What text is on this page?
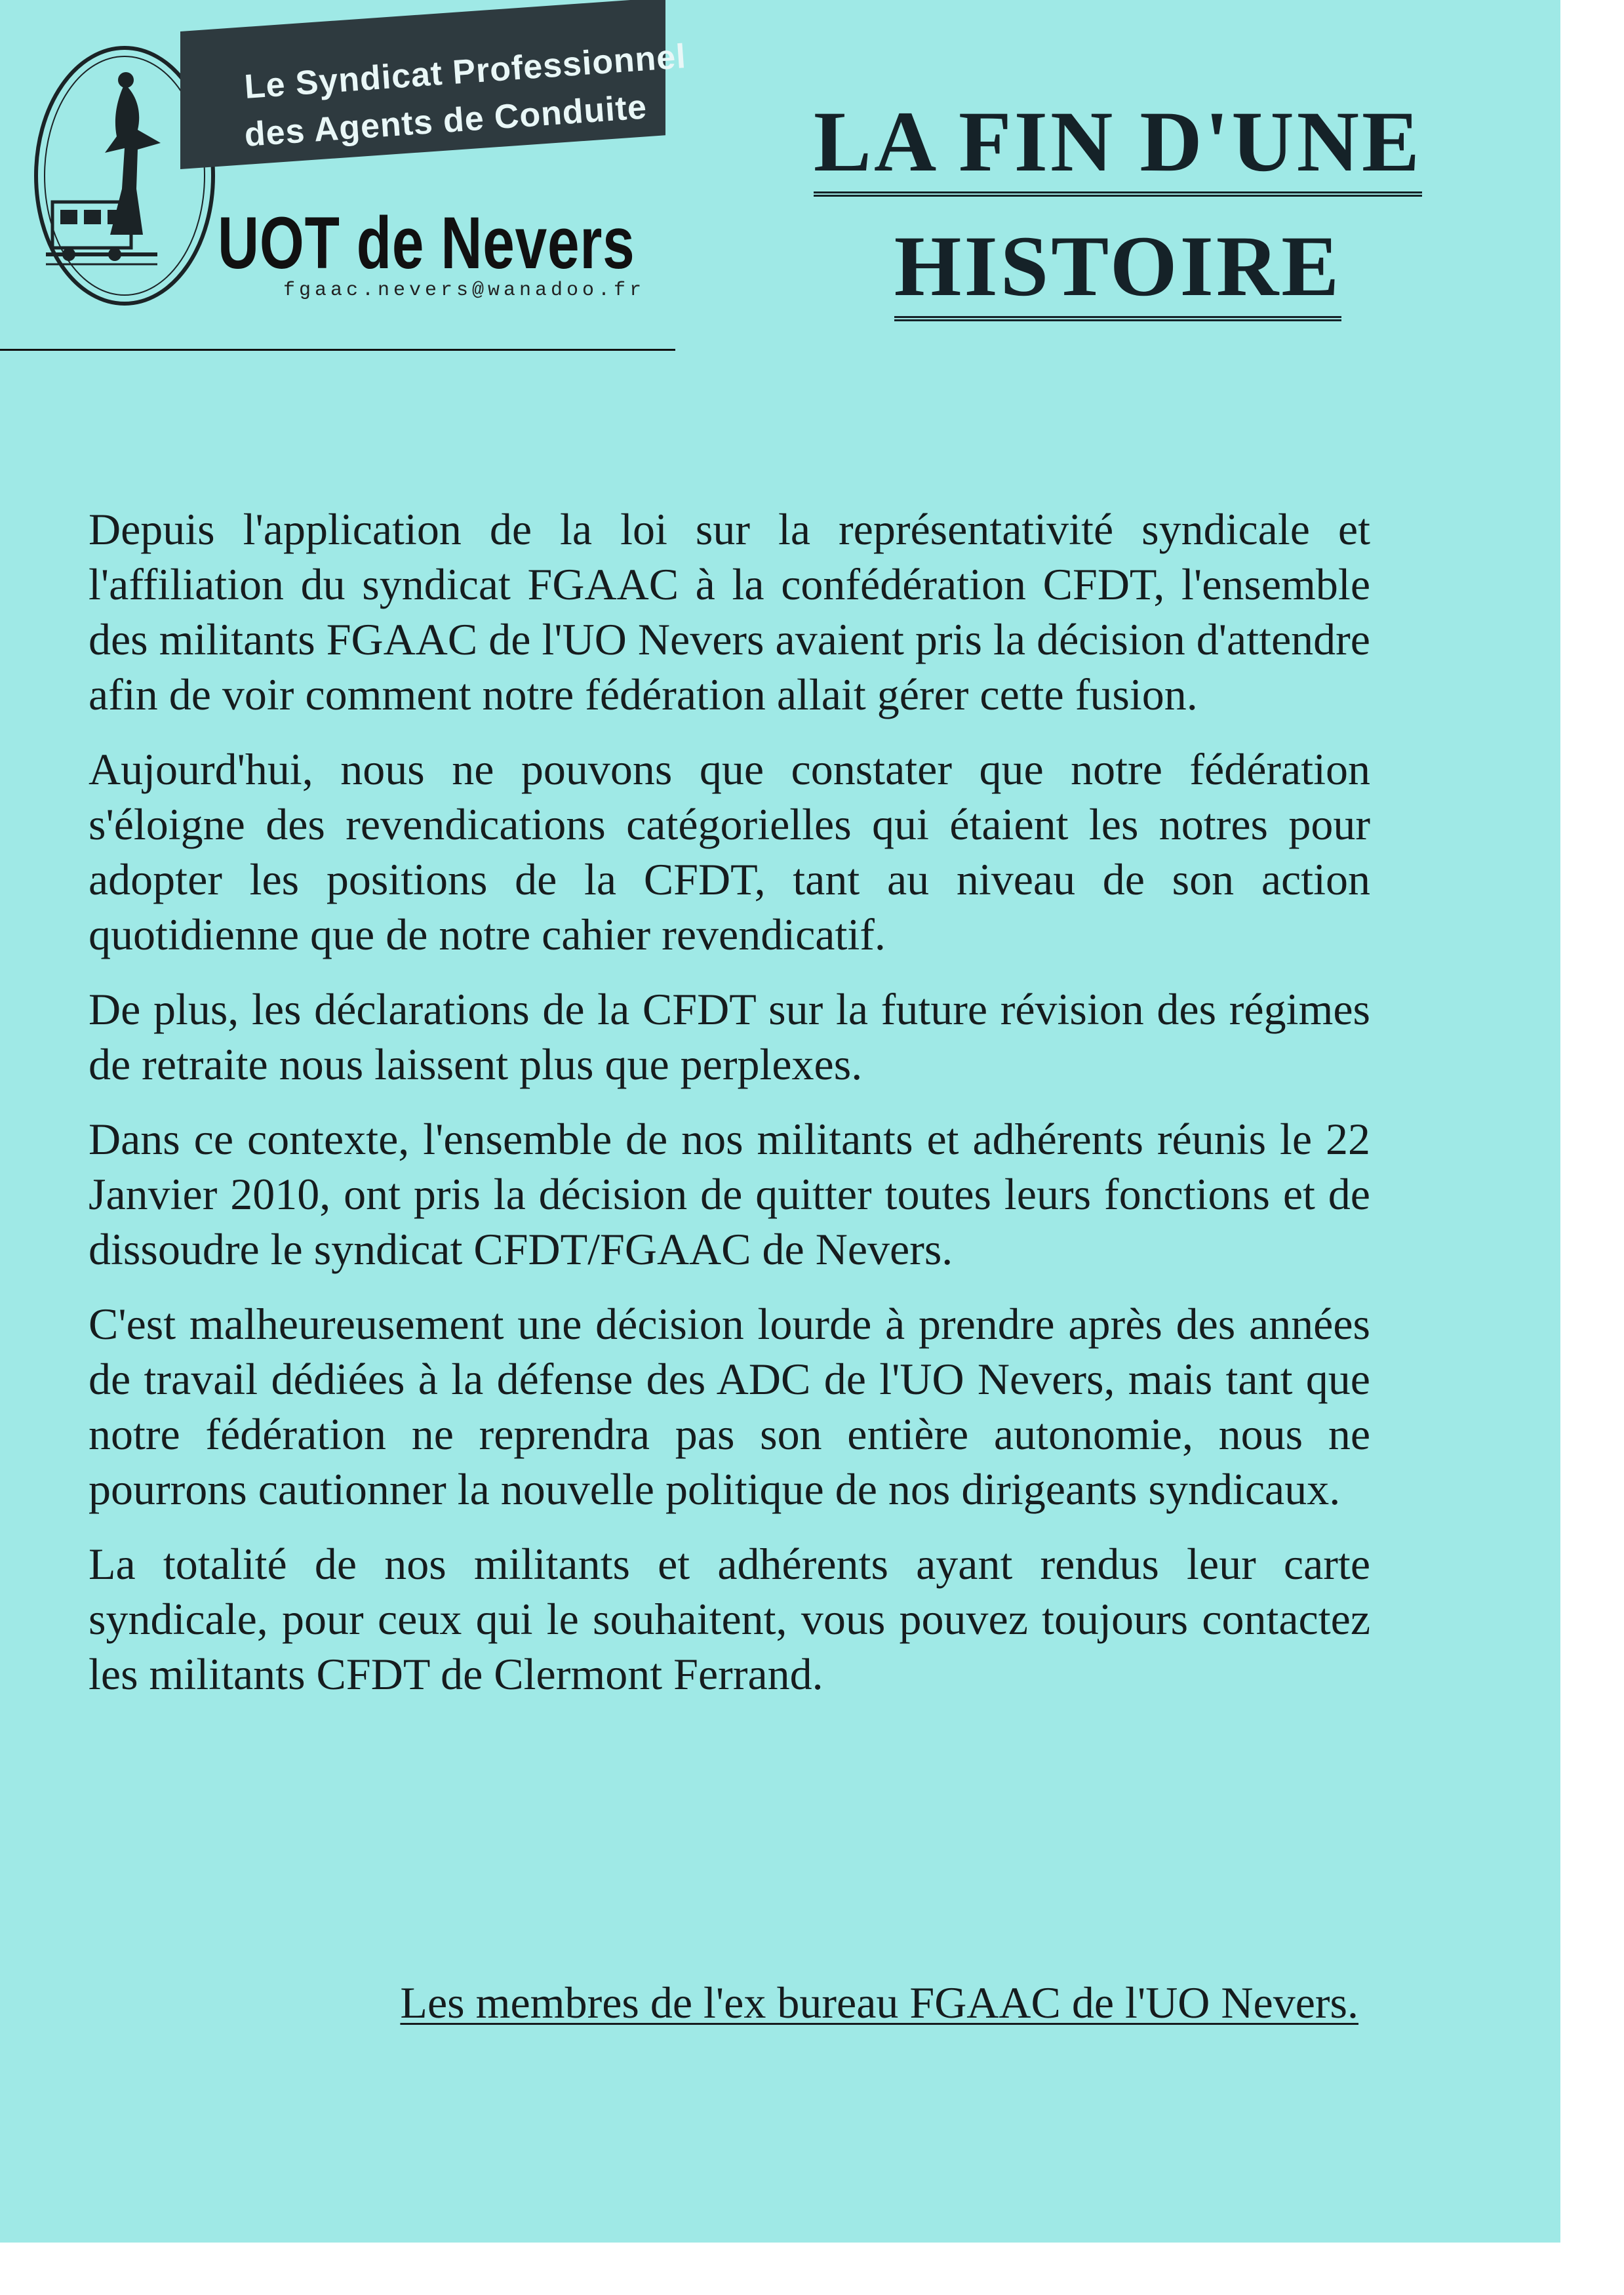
Le Syndicat Professionnel
des Agents de Conduite
UOT de Nevers
fgaac.nevers@wanadoo.fr
LA FIN D'UNE
HISTOIRE

Depuis l'application de la loi sur la représentativité syndicale et l'affiliation du syndicat FGAAC à la confédération CFDT, l'ensemble des militants FGAAC de l'UO Nevers avaient pris la décision d'attendre afin de voir comment notre fédération allait gérer cette fusion.

Aujourd'hui, nous ne pouvons que constater que notre fédération s'éloigne des revendications catégorielles qui étaient les notres pour adopter les positions de la CFDT, tant au niveau de son action quotidienne que de notre cahier revendicatif.

De plus, les déclarations de la CFDT sur la future révision des régimes de retraite nous laissent plus que perplexes.

Dans ce contexte, l'ensemble de nos militants et adhérents réunis le 22 Janvier 2010, ont pris la décision de quitter toutes leurs fonctions et de dissoudre le syndicat CFDT/FGAAC de Nevers.

C'est malheureusement une décision lourde à prendre après des années de travail dédiées à la défense des ADC de l'UO Nevers, mais tant que notre fédération ne reprendra pas son entière autonomie, nous ne pourrons cautionner la nouvelle politique de nos dirigeants syndicaux.

La totalité de nos militants et adhérents ayant rendus leur carte syndicale, pour ceux qui le souhaitent, vous pouvez toujours contactez les militants CFDT de Clermont Ferrand.

Les membres de l'ex bureau FGAAC de l'UO Nevers.
